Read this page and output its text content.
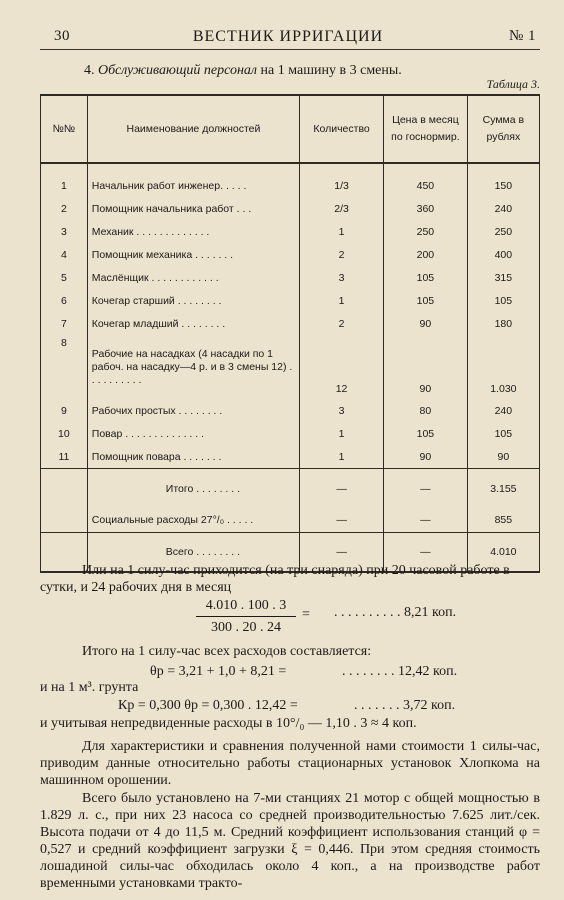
30	ВЕСТНИК ИРРИГАЦИИ	№ 1
4. Обслуживающий персонал на 1 машину в 3 смены.
Таблица 3.
№№	Наименование должностей	Количество	Цена в месяц по госнормир.	Сумма в рублях

1	Начальник работ инженер. . . . .	1/3	450	150
2	Помощник начальника работ . . .	2/3	360	240
3	Механик . . . . . . . . . . . . .	1	250	250
4	Помощник механика . . . . . . .	2	200	400
5	Маслёнщик . . . . . . . . . . . .	3	105	315
6	Кочегар старший . . . . . . . .	1	105	105
7	Кочегар младший . . . . . . . .	2	90	180
8	Рабочие на насадках (4 насадки по 1 рабоч. на насадку—4 р. и в 3 смены 12) . . . . . . . . . .	12	90	1.030
9	Рабочих простых . . . . . . . .	3	80	240
10	Повар . . . . . . . . . . . . . .	1	105	105
11	Помощник повара . . . . . . .	1	90	90
	Итого . . . . . . . .	—	—	3.155
	Социальные расходы 27°/₀ . . . . .	—	—	855
	Всего . . . . . . . .	—	—	4.010
Или на 1 силу-час приходится (на три снаряда) при 20 часовой работе в сутки, и 24 рабочих дня в месяц
$\frac{4.010 . 100 . 3}{300 . 20 . 24}$ = . . . . . . . . . . 8,21 коп.
Итого на 1 силу-час всех расходов составляется:
θр = 3,21 + 1,0 + 8,21 =	. . . . . . . . 12,42 коп.
и на 1 м³. грунта
Кр = 0,300 θр = 0,300 . 12,42 =	. . . . . . . 3,72 коп.
и учитывая непредвиденные расходы в 10°/₀ — 1,10 . 3 ≈ 4 коп.
Для характеристики и сравнения полученной нами стоимости 1 силы-час, приводим данные относительно работы стационарных установок Хлопкома на машинном орошении.
Всего было установлено на 7-ми станциях 21 мотор с общей мощностью в 1.829 л. с., при них 23 насоса со средней производительностью 7.625 лит./сек. Высота подачи от 4 до 11,5 м. Средний коэффициент использования станций φ = 0,527 и средний коэффициент загрузки ξ = 0,446. При этом средняя стоимость лошадиной силы-час обходилась около 4 коп., а на производстве работ временными установками тракто-
